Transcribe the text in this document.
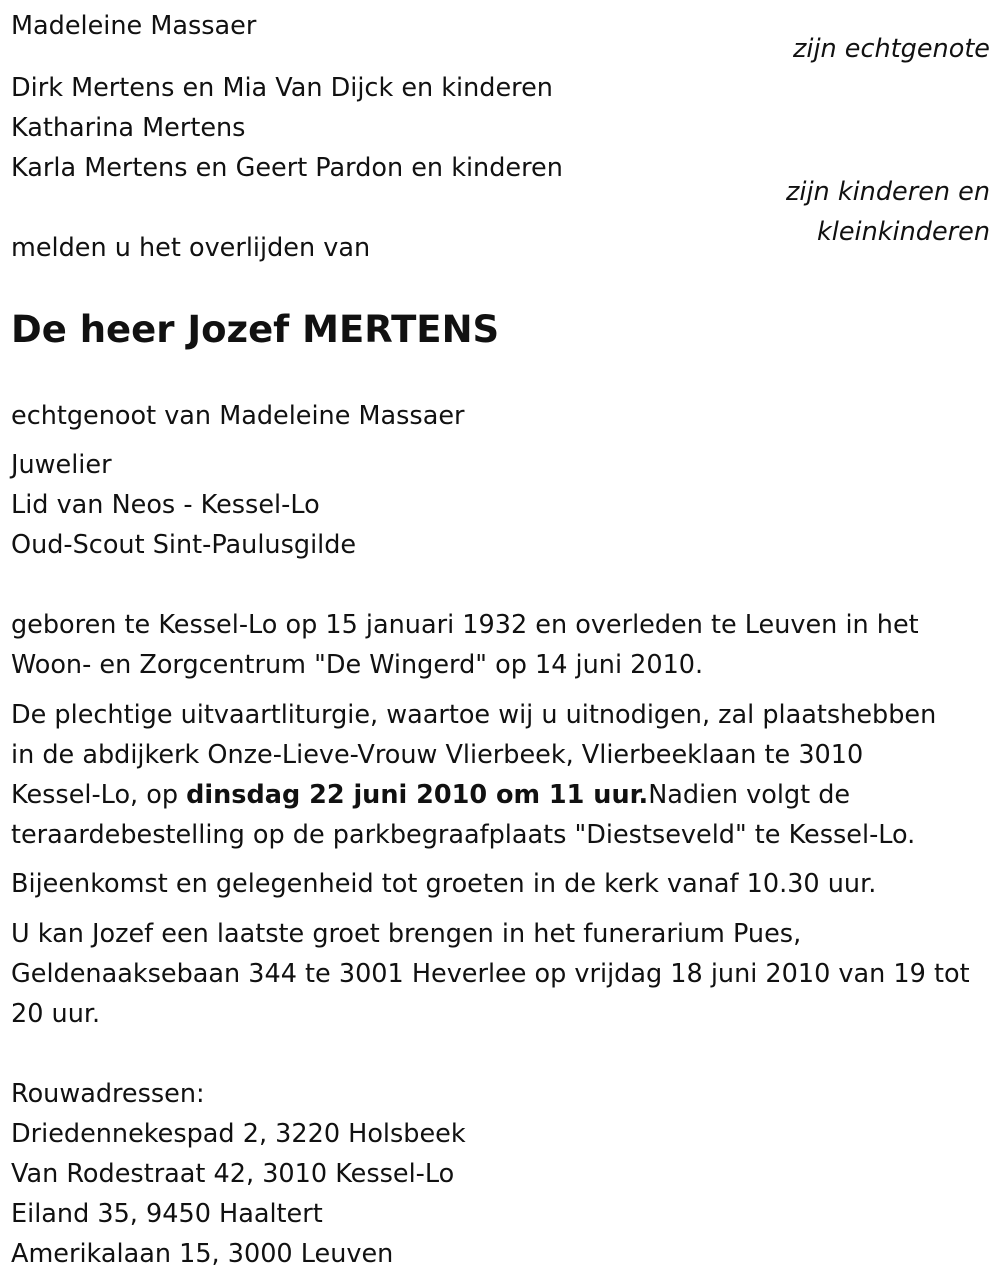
Madeleine Massaer
zijn echtgenote
Dirk Mertens en Mia Van Dijck en kinderen
Katharina Mertens
Karla Mertens en Geert Pardon en kinderen
zijn kinderen en
kleinkinderen
melden u het overlijden van
De heer Jozef MERTENS
echtgenoot van Madeleine Massaer
Juwelier
Lid van Neos - Kessel-Lo
Oud-Scout Sint-Paulusgilde
geboren te Kessel-Lo op 15 januari 1932 en overleden te Leuven in het
Woon- en Zorgcentrum "De Wingerd" op 14 juni 2010.
De plechtige uitvaartliturgie, waartoe wij u uitnodigen, zal plaatshebben
in de abdijkerk Onze-Lieve-Vrouw Vlierbeek, Vlierbeeklaan te 3010
Kessel-Lo, op dinsdag 22 juni 2010 om 11 uur.Nadien volgt de
teraardebestelling op de parkbegraafplaats "Diestseveld" te Kessel-Lo.
Bijeenkomst en gelegenheid tot groeten in de kerk vanaf 10.30 uur.
U kan Jozef een laatste groet brengen in het funerarium Pues,
Geldenaaksebaan 344 te 3001 Heverlee op vrijdag 18 juni 2010 van 19 tot
20 uur.
Rouwadressen:
Driedennekespad 2, 3220 Holsbeek
Van Rodestraat 42, 3010 Kessel-Lo
Eiland 35, 9450 Haaltert
Amerikalaan 15, 3000 Leuven
